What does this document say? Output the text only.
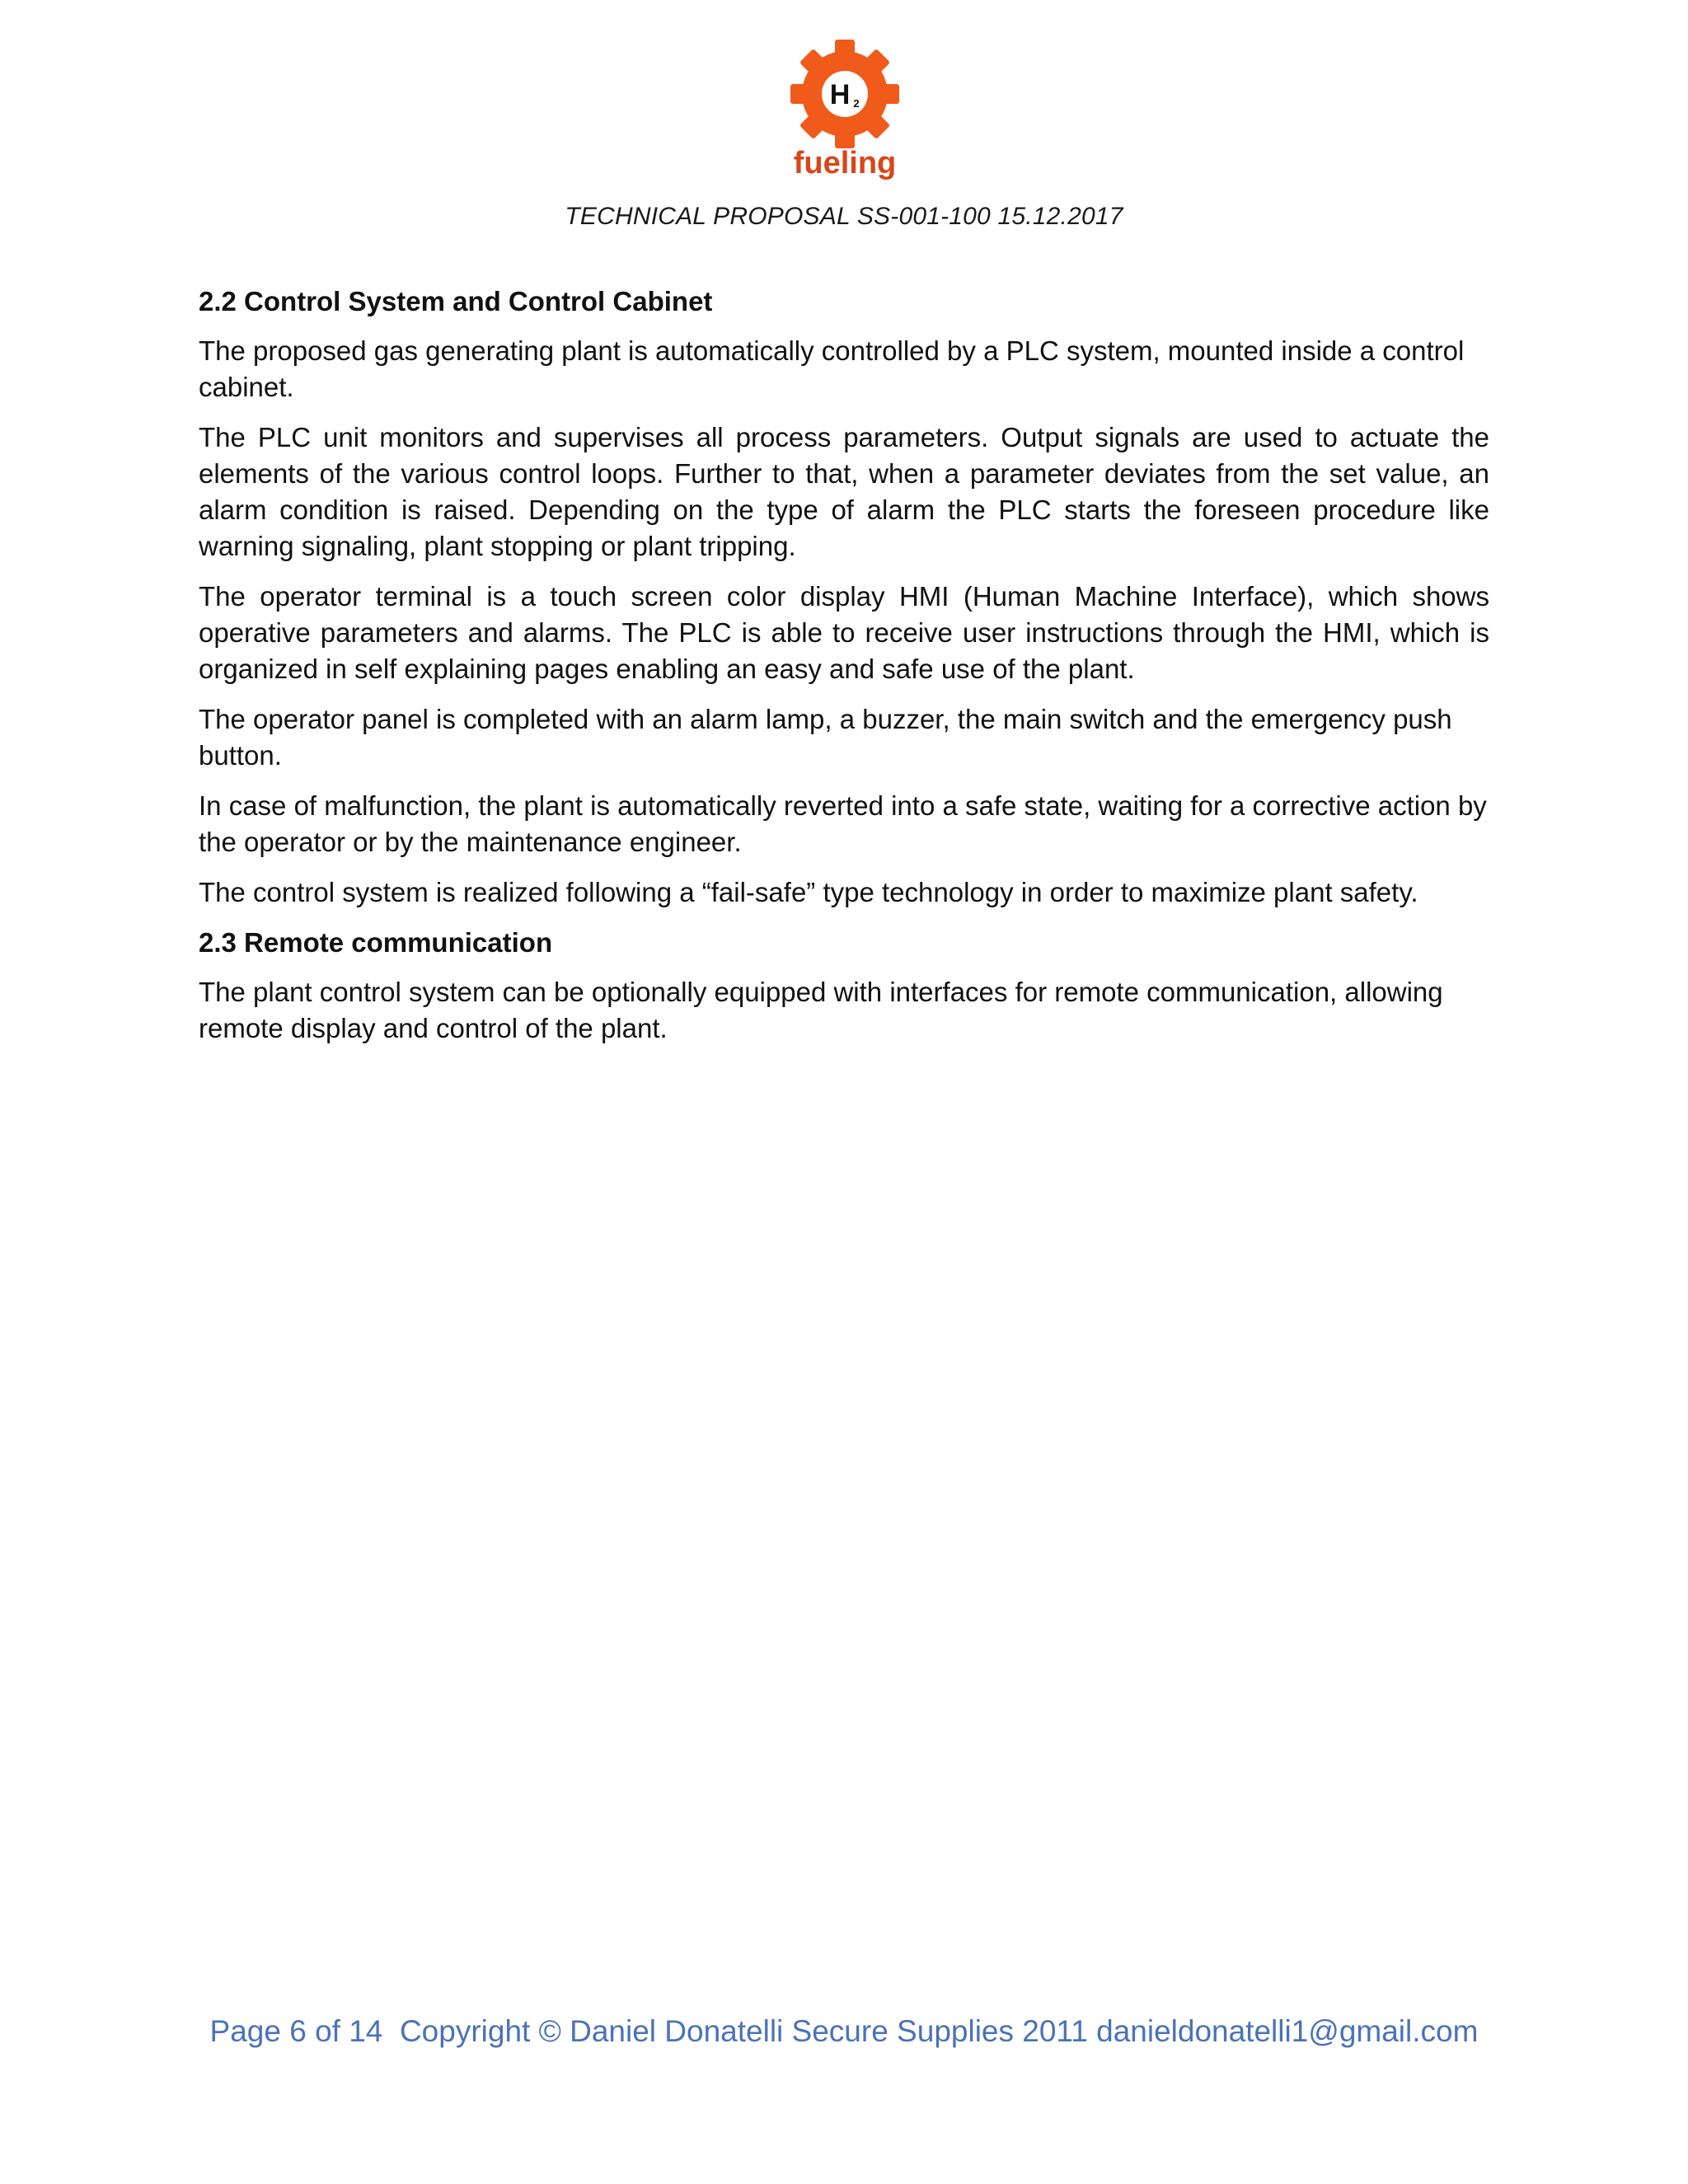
H 2
fueling
TECHNICAL PROPOSAL SS-001-100 15.12.2017
2.2 Control System and Control Cabinet

The proposed gas generating plant is automatically controlled by a PLC system, mounted inside a control cabinet.

The PLC unit monitors and supervises all process parameters. Output signals are used to actuate the elements of the various control loops. Further to that, when a parameter deviates from the set value, an alarm condition is raised. Depending on the type of alarm the PLC starts the foreseen procedure like warning signaling, plant stopping or plant tripping.

The operator terminal is a touch screen color display HMI (Human Machine Interface), which shows operative parameters and alarms. The PLC is able to receive user instructions through the HMI, which is organized in self explaining pages enabling an easy and safe use of the plant.

The operator panel is completed with an alarm lamp, a buzzer, the main switch and the emergency push button.

In case of malfunction, the plant is automatically reverted into a safe state, waiting for a corrective action by the operator or by the maintenance engineer.

The control system is realized following a “fail-safe” type technology in order to maximize plant safety.

2.3 Remote communication

The plant control system can be optionally equipped with interfaces for remote communication, allowing remote display and control of the plant.

Page 6 of 14  Copyright © Daniel Donatelli Secure Supplies 2011 danieldonatelli1@gmail.com
